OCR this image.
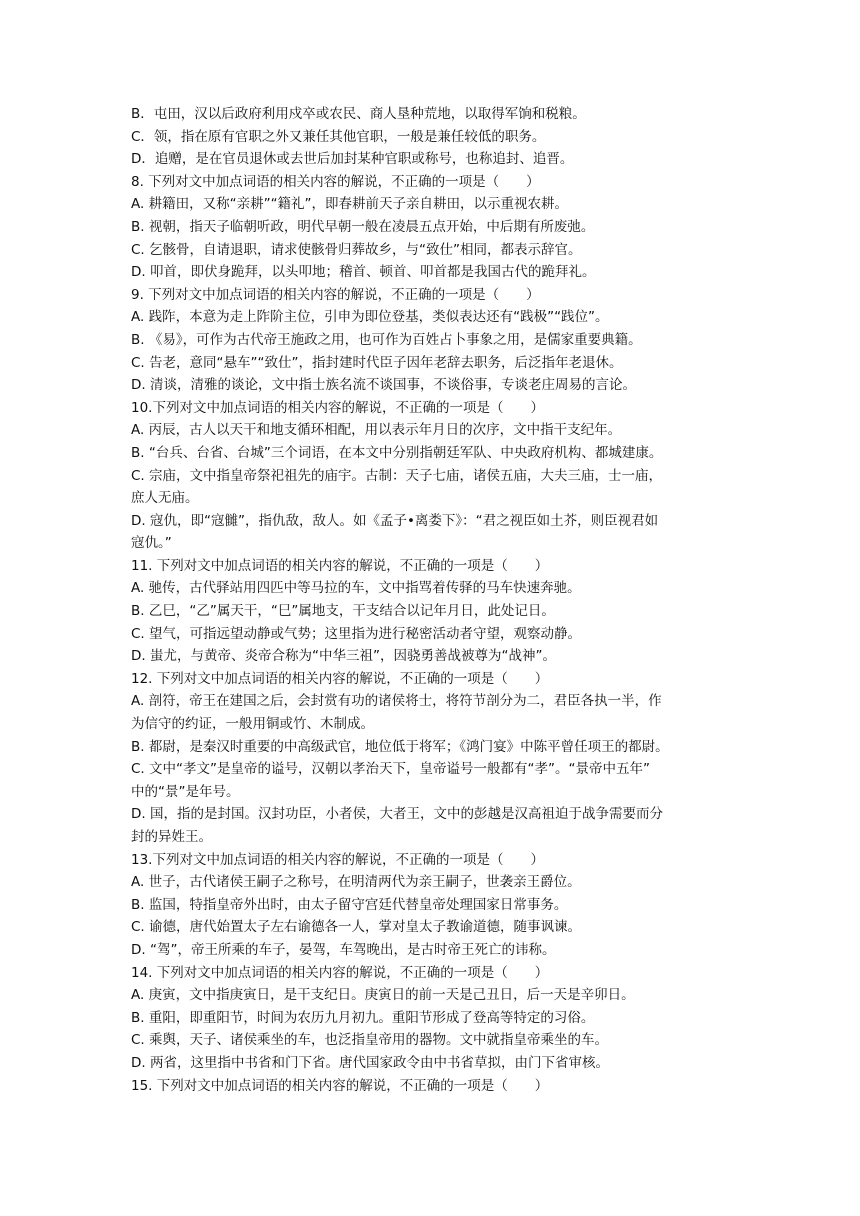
B．屯田，汉以后政府利用戍卒或农民、商人垦种荒地，以取得军饷和税粮。

C．领，指在原有官职之外又兼任其他官职，一般是兼任较低的职务。

D．追赠，是在官员退休或去世后加封某种官职或称号，也称追封、追晋。

8. 下列对文中加点词语的相关内容的解说，不正确的一项是（　　）

A. 耕籍田，又称“亲耕”“籍礼”，即春耕前天子亲自耕田，以示重视农耕。

B. 视朝，指天子临朝听政，明代早朝一般在凌晨五点开始，中后期有所废弛。

C. 乞骸骨，自请退职，请求使骸骨归葬故乡，与“致仕”相同，都表示辞官。

D. 叩首，即伏身跪拜，以头叩地；稽首、顿首、叩首都是我国古代的跪拜礼。

9. 下列对文中加点词语的相关内容的解说，不正确的一项是（　　）

A. 践阼，本意为走上阼阶主位，引申为即位登基，类似表达还有“践极”“践位”。

B. 《易》，可作为古代帝王施政之用，也可作为百姓占卜事象之用，是儒家重要典籍。

C. 告老，意同“悬车”“致仕”，指封建时代臣子因年老辞去职务，后泛指年老退休。

D. 清谈，清雅的谈论，文中指士族名流不谈国事，不谈俗事，专谈老庄周易的言论。

10.下列对文中加点词语的相关内容的解说，不正确的一项是（　　）

A. 丙辰，古人以天干和地支循环相配，用以表示年月日的次序，文中指干支纪年。

B. “台兵、台省、台城”三个词语，在本文中分别指朝廷军队、中央政府机构、都城建康。

C. 宗庙，文中指皇帝祭祀祖先的庙宇。古制：天子七庙，诸侯五庙，大夫三庙，士一庙，

庶人无庙。

D. 寇仇，即“寇雠”，指仇敌，敌人。如《孟子•离娄下》：“君之视臣如土芥，则臣视君如

寇仇。”

11. 下列对文中加点词语的相关内容的解说，不正确的一项是（　　）

A. 驰传，古代驿站用四匹中等马拉的车，文中指骂着传驿的马车快速奔驰。

B. 乙巳，“乙”属天干，“巳”属地支，干支结合以记年月日，此处记日。

C. 望气，可指远望动静或气势；这里指为进行秘密活动者守望，观察动静。

D. 蚩尤，与黄帝、炎帝合称为“中华三祖”，因骁勇善战被尊为“战神”。

12. 下列对文中加点词语的相关内容的解说，不正确的一项是（　　）

A. 剖符，帝王在建国之后，会封赏有功的诸侯将士，将符节剖分为二，君臣各执一半，作

为信守的约证，一般用铜或竹、木制成。

B. 都尉，是秦汉时重要的中高级武官，地位低于将军；《鸿门宴》中陈平曾任项王的都尉。

C. 文中“孝文”是皇帝的谥号，汉朝以孝治天下，皇帝谥号一般都有“孝”。“景帝中五年”

中的“景”是年号。

D. 国，指的是封国。汉封功臣，小者侯，大者王，文中的彭越是汉高祖迫于战争需要而分

封的异姓王。

13.下列对文中加点词语的相关内容的解说，不正确的一项是（　　）

A. 世子，古代诸侯王嗣子之称号，在明清两代为亲王嗣子，世袭亲王爵位。

B. 监国，特指皇帝外出时，由太子留守宫廷代替皇帝处理国家日常事务。

C. 谕德，唐代始置太子左右谕德各一人，掌对皇太子教谕道德，随事讽谏。

D. “驾”，帝王所乘的车子，晏驾，车驾晚出，是古时帝王死亡的讳称。

14. 下列对文中加点词语的相关内容的解说，不正确的一项是（　　）

A. 庚寅，文中指庚寅日，是干支纪日。庚寅日的前一天是己丑日，后一天是辛卯日。

B. 重阳，即重阳节，时间为农历九月初九。重阳节形成了登高等特定的习俗。

C. 乘舆，天子、诸侯乘坐的车，也泛指皇帝用的器物。文中就指皇帝乘坐的车。

D. 两省，这里指中书省和门下省。唐代国家政令由中书省草拟，由门下省审核。

15. 下列对文中加点词语的相关内容的解说，不正确的一项是（　　）
